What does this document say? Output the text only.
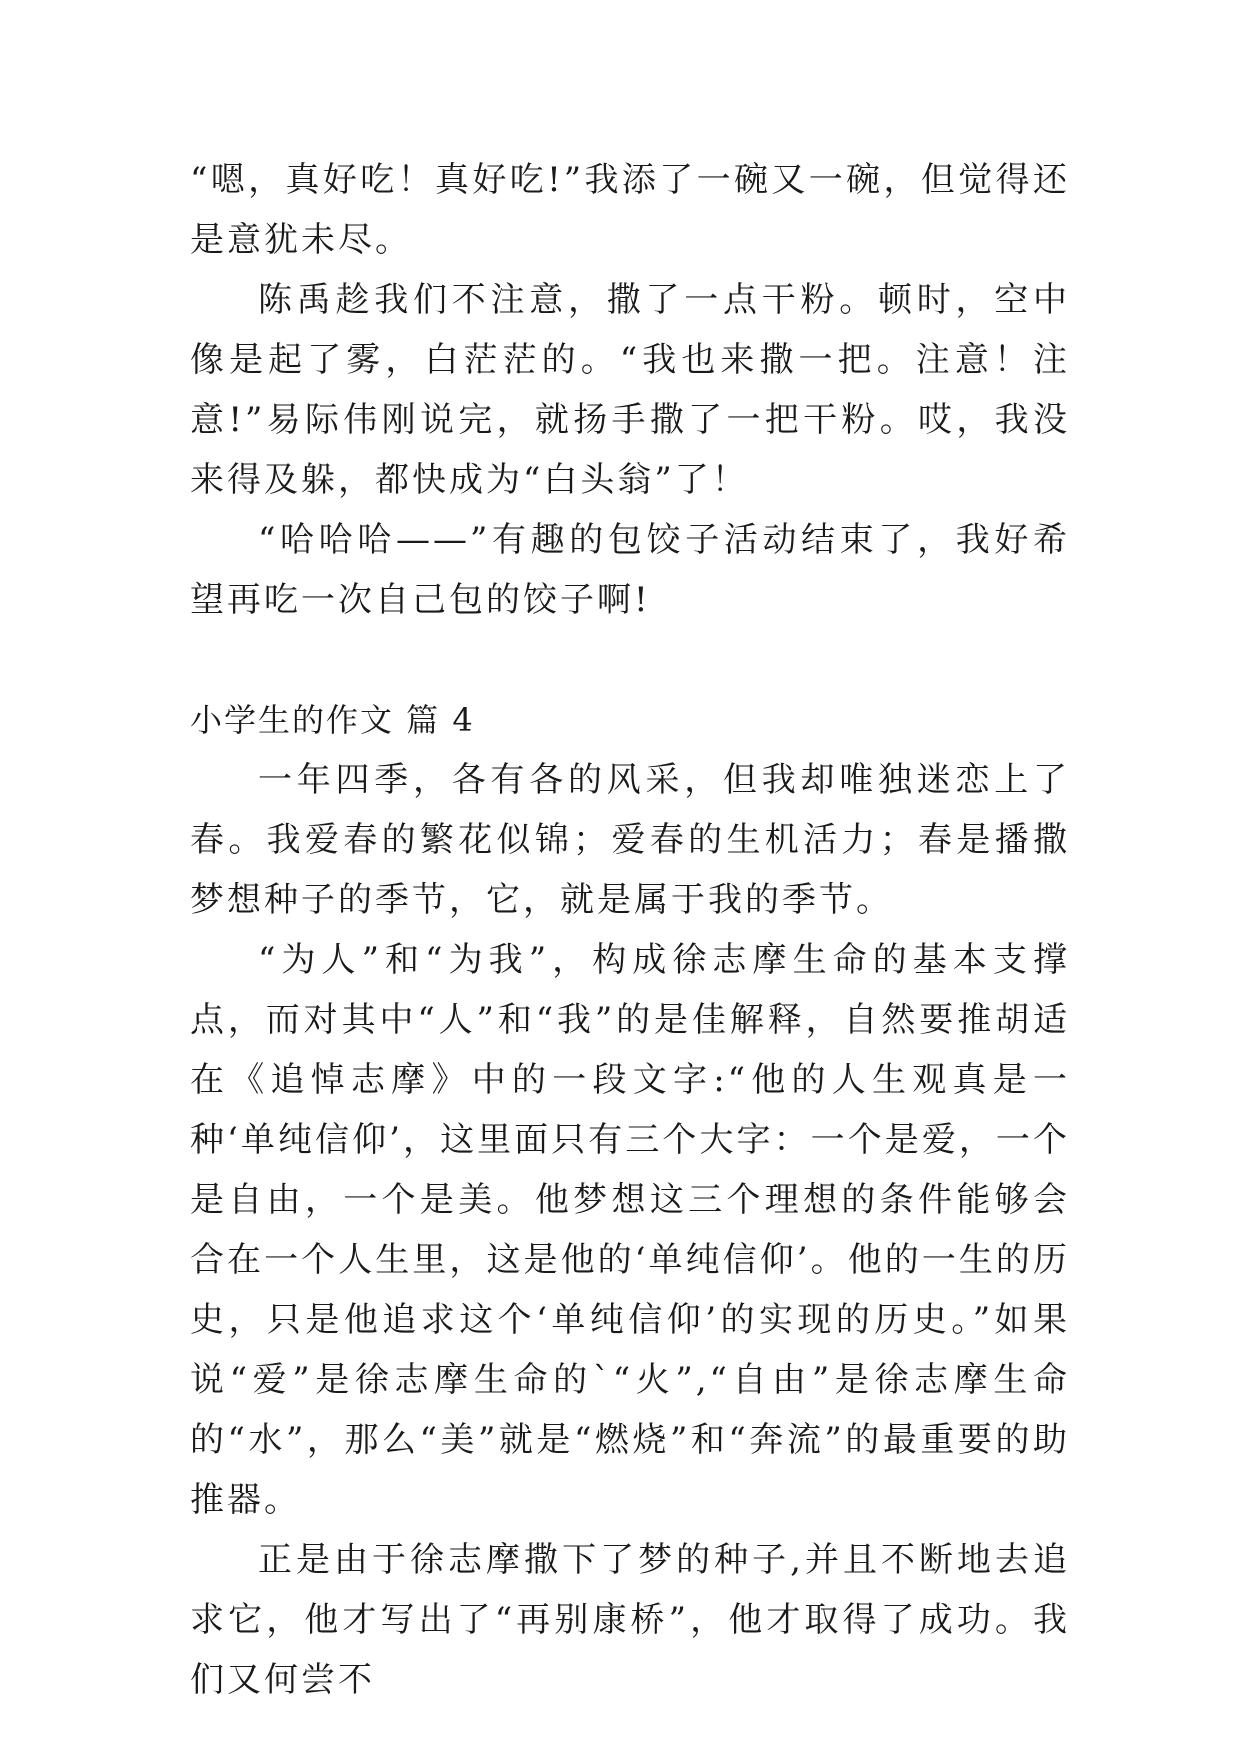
“嗯，真好吃！真好吃!”我添了一碗又一碗，但觉得还是意犹未尽。

陈禹趁我们不注意，撒了一点干粉。顿时，空中像是起了雾，白茫茫的。“我也来撒一把。注意！注意!”易际伟刚说完，就扬手撒了一把干粉。哎，我没来得及躲，都快成为“白头翁”了！

“哈哈哈——”有趣的包饺子活动结束了，我好希望再吃一次自己包的饺子啊!

小学生的作文 篇 4

一年四季，各有各的风采，但我却唯独迷恋上了春。我爱春的繁花似锦；爱春的生机活力；春是播撒梦想种子的季节，它，就是属于我的季节。

“为人”和“为我”，构成徐志摩生命的基本支撑点，而对其中“人”和“我”的是佳解释，自然要推胡适在《追悼志摩》中的一段文字:“他的人生观真是一种‘单纯信仰’，这里面只有三个大字：一个是爱，一个是自由，一个是美。他梦想这三个理想的条件能够会合在一个人生里，这是他的‘单纯信仰’。他的一生的历史，只是他追求这个‘单纯信仰’的实现的历史。”如果说“爱”是徐志摩生命的`“火”,“自由”是徐志摩生命的“水”，那么“美”就是“燃烧”和“奔流”的最重要的助推器。

正是由于徐志摩撒下了梦的种子,并且不断地去追求它，他才写出了“再别康桥”，他才取得了成功。我们又何尝不
